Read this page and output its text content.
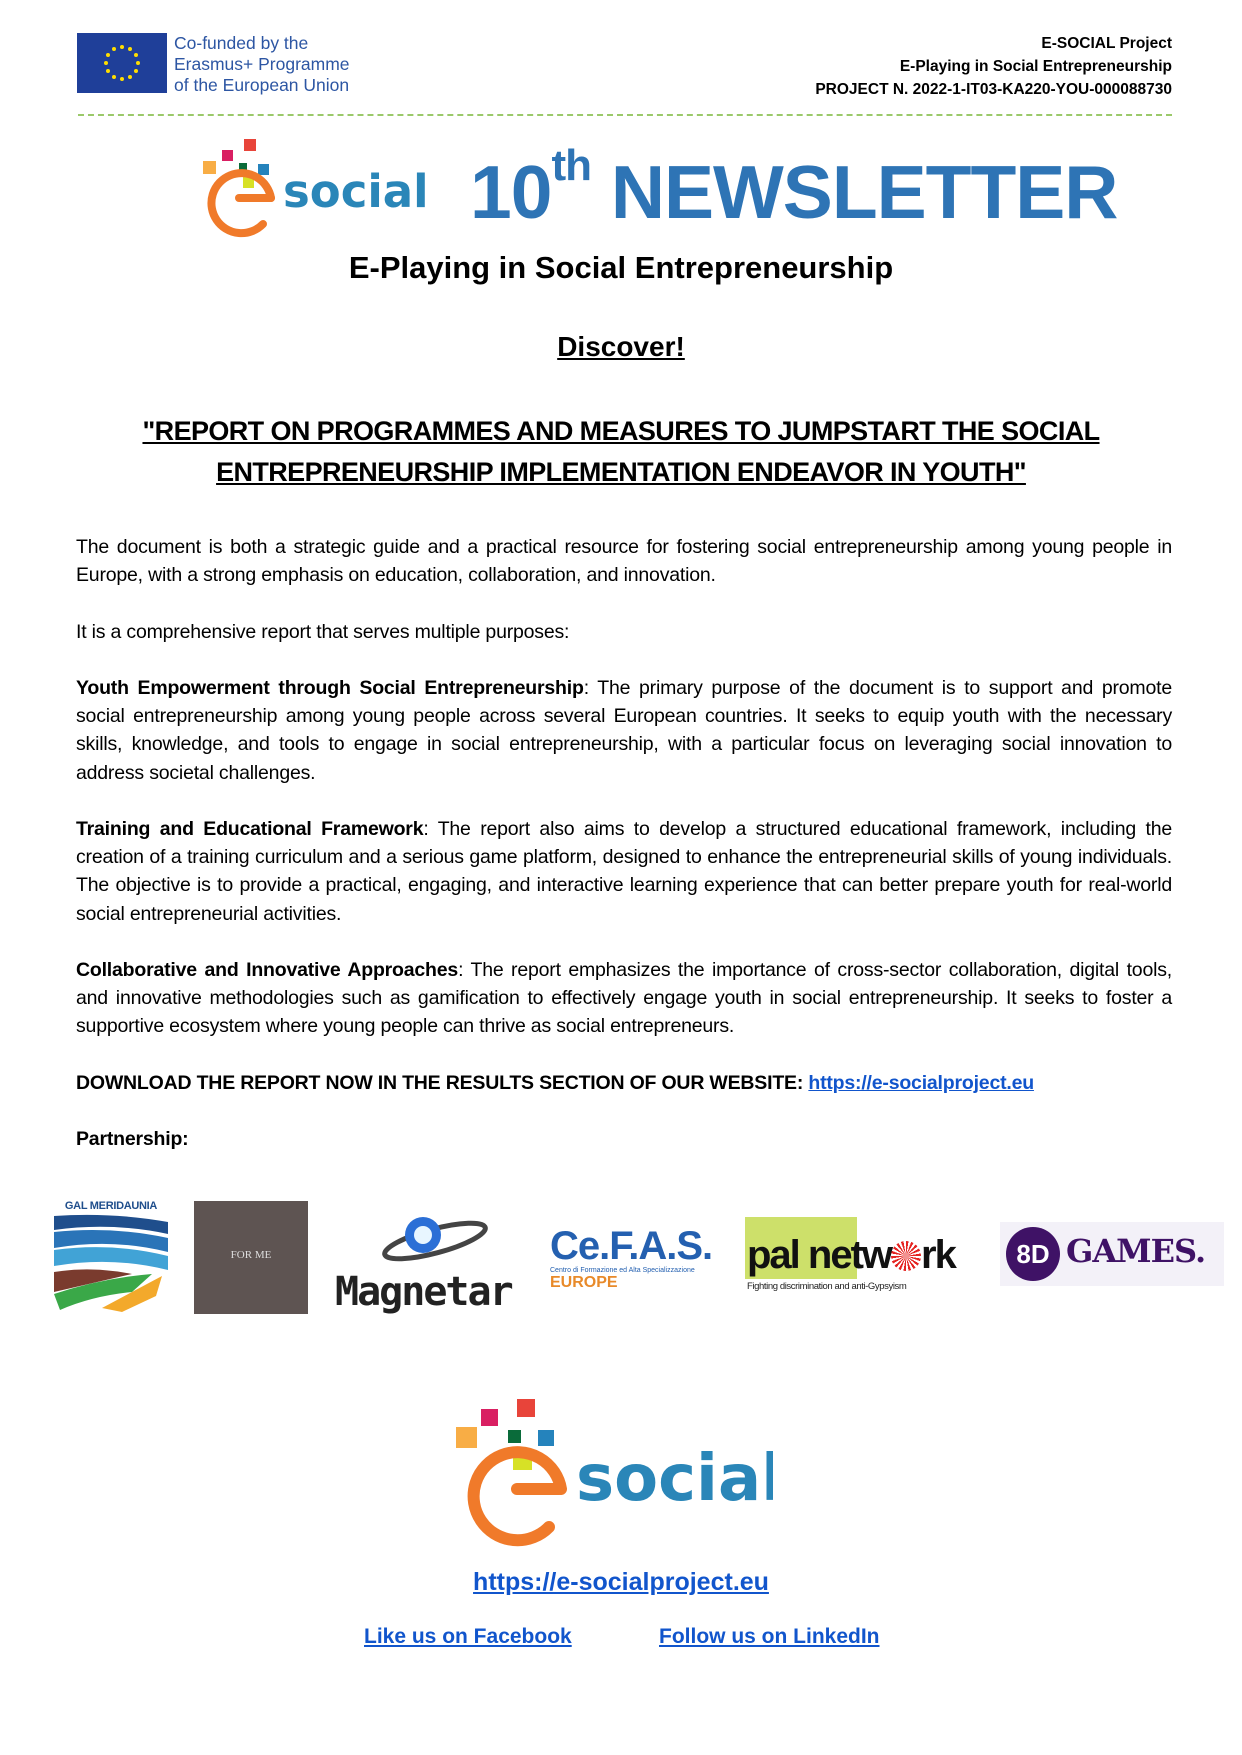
Co-funded by the
Erasmus+ Programme
of the European Union
E-SOCIAL Project
E-Playing in Social Entrepreneurship
PROJECT N. 2022-1-IT03-KA220-YOU-000088730
social 10th NEWSLETTER
E-Playing in Social Entrepreneurship
Discover!
"REPORT ON PROGRAMMES AND MEASURES TO JUMPSTART THE SOCIAL ENTREPRENEURSHIP IMPLEMENTATION ENDEAVOR IN YOUTH"

The document is both a strategic guide and a practical resource for fostering social entrepreneurship among young people in Europe, with a strong emphasis on education, collaboration, and innovation.

It is a comprehensive report that serves multiple purposes:

Youth Empowerment through Social Entrepreneurship: The primary purpose of the document is to support and promote social entrepreneurship among young people across several European countries. It seeks to equip youth with the necessary skills, knowledge, and tools to engage in social entrepreneurship, with a particular focus on leveraging social innovation to address societal challenges.

Training and Educational Framework: The report also aims to develop a structured educational framework, including the creation of a training curriculum and a serious game platform, designed to enhance the entrepreneurial skills of young individuals. The objective is to provide a practical, engaging, and interactive learning experience that can better prepare youth for real-world social entrepreneurial activities.

Collaborative and Innovative Approaches: The report emphasizes the importance of cross-sector collaboration, digital tools, and innovative methodologies such as gamification to effectively engage youth in social entrepreneurship. It seeks to foster a supportive ecosystem where young people can thrive as social entrepreneurs.

DOWNLOAD THE REPORT NOW IN THE RESULTS SECTION OF OUR WEBSITE: https://e-socialproject.eu

Partnership:

GAL MERIDAUNIA
FOR ME
Magnetar
Ce.F.A.S.
Centro di Formazione ed Alta Specializzazione
EUROPE
pal netw rk
Fighting discrimination and anti-Gypsyism
8D GAMES.
social
https://e-socialproject.eu
Like us on Facebook	Follow us on LinkedIn
